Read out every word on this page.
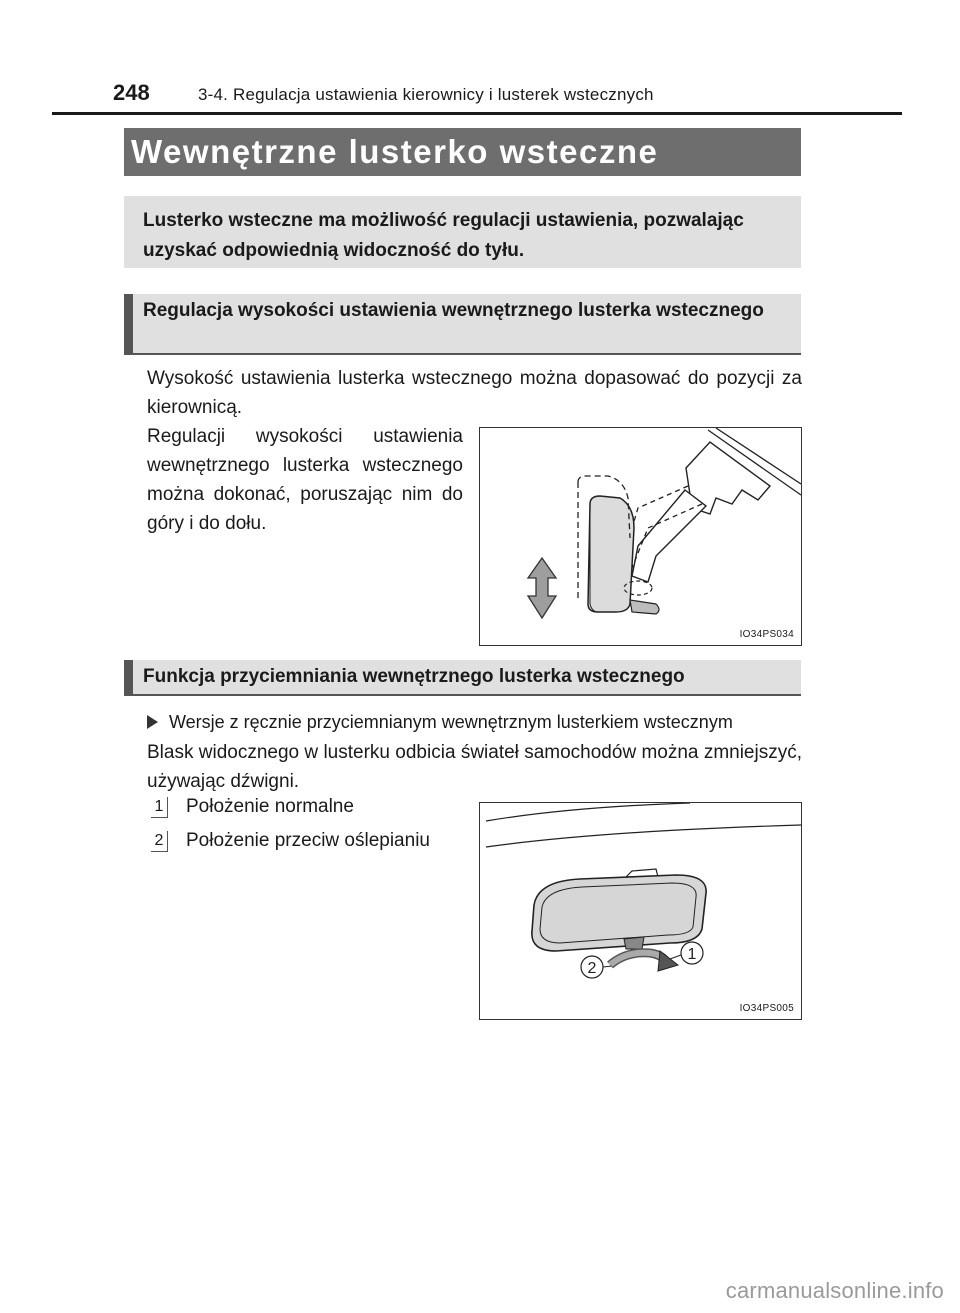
248	3-4. Regulacja ustawienia kierownicy i lusterek wstecznych
Wewnętrzne lusterko wsteczne
Lusterko wsteczne ma możliwość regulacji ustawienia, pozwalając uzyskać odpowiednią widoczność do tyłu.
Regulacja wysokości ustawienia wewnętrznego lusterka wstecznego
Wysokość ustawienia lusterka wstecznego można dopasować do pozycji za kierownicą.
Regulacji wysokości ustawienia wewnętrznego lusterka wstecznego można dokonać, poruszając nim do góry i do dołu.
IO34PS034
Funkcja przyciemniania wewnętrznego lusterka wstecznego
Wersje z ręcznie przyciemnianym wewnętrznym lusterkiem wstecznym
Blask widocznego w lusterku odbicia świateł samochodów można zmniejszyć, używając dźwigni.
1 Położenie normalne
2 Położenie przeciw oślepianiu
1
2
IO34PS005
carmanualsonline.info
